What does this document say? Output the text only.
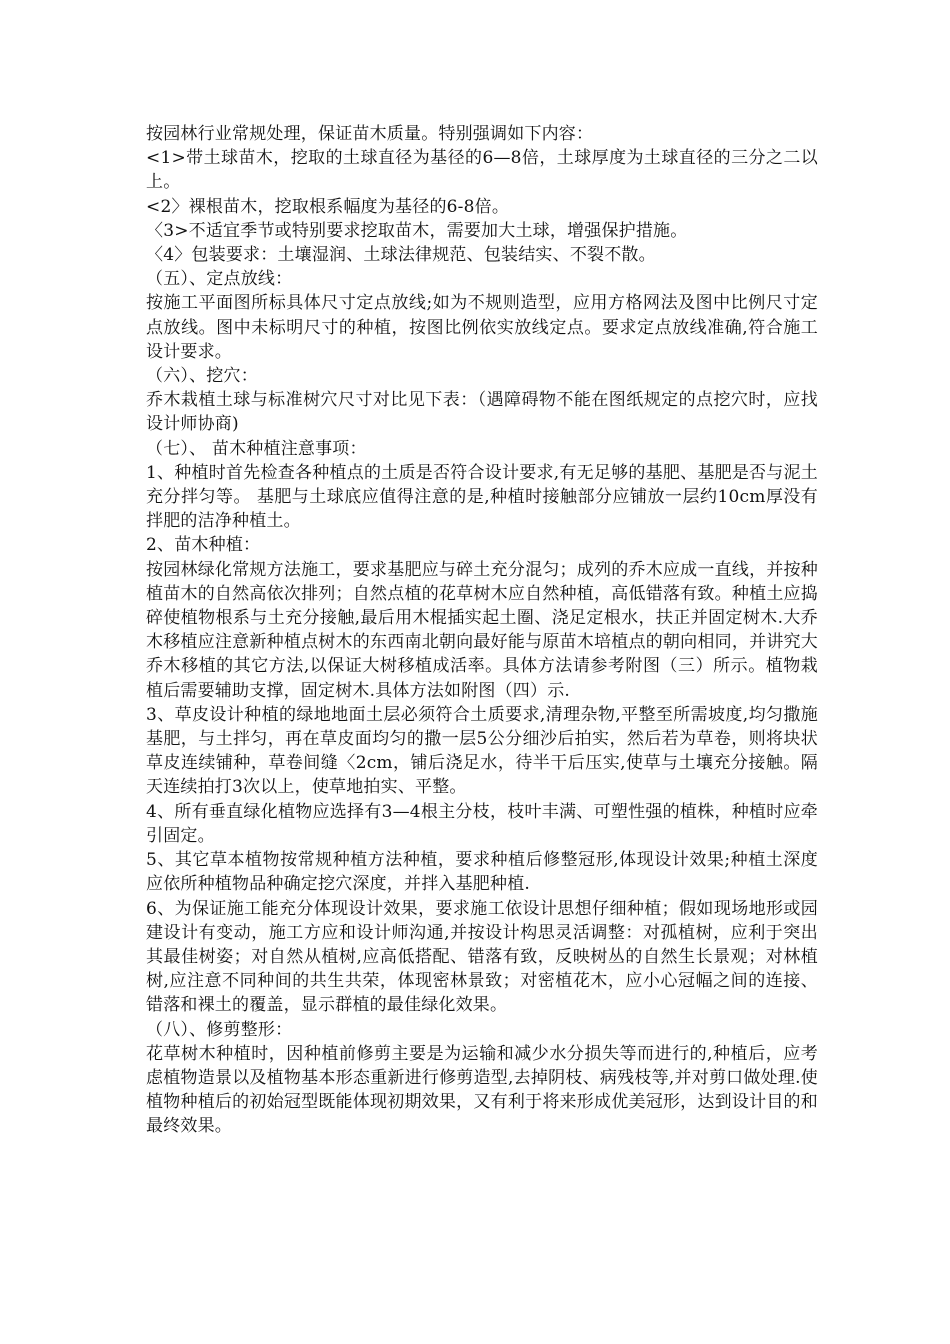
按园林行业常规处理，保证苗木质量。特别强调如下内容：

<1>带土球苗木，挖取的土球直径为基径的6—8倍，土球厚度为土球直径的三分之二以上。

<2〉裸根苗木，挖取根系幅度为基径的6-8倍。

〈3>不适宜季节或特别要求挖取苗木，需要加大土球，增强保护措施。

〈4〉包装要求：土壤湿润、土球法律规范、包装结实、不裂不散。

（五）、定点放线：

按施工平面图所标具体尺寸定点放线;如为不规则造型，应用方格网法及图中比例尺寸定点放线。图中未标明尺寸的种植，按图比例依实放线定点。要求定点放线准确,符合施工设计要求。

（六）、挖穴：

乔木栽植土球与标准树穴尺寸对比见下表：（遇障碍物不能在图纸规定的点挖穴时，应找设计师协商)

（七）、 苗木种植注意事项：

1、种植时首先检查各种植点的土质是否符合设计要求,有无足够的基肥、基肥是否与泥土充分拌匀等。 基肥与土球底应值得注意的是,种植时接触部分应铺放一层约10cm厚没有拌肥的洁净种植土。

2、苗木种植：

按园林绿化常规方法施工，要求基肥应与碎土充分混匀；成列的乔木应成一直线，并按种植苗木的自然高依次排列；自然点植的花草树木应自然种植，高低错落有致。种植土应捣碎使植物根系与土充分接触,最后用木棍插实起土圈、浇足定根水，扶正并固定树木.大乔木移植应注意新种植点树木的东西南北朝向最好能与原苗木培植点的朝向相同，并讲究大乔木移植的其它方法,以保证大树移植成活率。具体方法请参考附图（三）所示。植物栽植后需要辅助支撑，固定树木.具体方法如附图（四）示.

3、草皮设计种植的绿地地面土层必须符合土质要求,清理杂物,平整至所需坡度,均匀撒施基肥，与土拌匀，再在草皮面均匀的撒一层5公分细沙后拍实，然后若为草卷，则将块状草皮连续铺种，草卷间缝〈2cm，铺后浇足水，待半干后压实,使草与土壤充分接触。隔天连续拍打3次以上，使草地拍实、平整。

4、所有垂直绿化植物应选择有3—4根主分枝，枝叶丰满、可塑性强的植株，种植时应牵引固定。

5、其它草本植物按常规种植方法种植，要求种植后修整冠形,体现设计效果;种植土深度应依所种植物品种确定挖穴深度，并拌入基肥种植.

6、为保证施工能充分体现设计效果，要求施工依设计思想仔细种植；假如现场地形或园建设计有变动，施工方应和设计师沟通,并按设计构思灵活调整：对孤植树，应利于突出其最佳树姿；对自然从植树,应高低搭配、错落有致，反映树丛的自然生长景观；对林植树,应注意不同种间的共生共荣，体现密林景致；对密植花木，应小心冠幅之间的连接、错落和裸土的覆盖，显示群植的最佳绿化效果。

（八）、修剪整形：

花草树木种植时，因种植前修剪主要是为运输和减少水分损失等而进行的,种植后，应考虑植物造景以及植物基本形态重新进行修剪造型,去掉阴枝、病残枝等,并对剪口做处理.使植物种植后的初始冠型既能体现初期效果，又有利于将来形成优美冠形，达到设计目的和最终效果。
